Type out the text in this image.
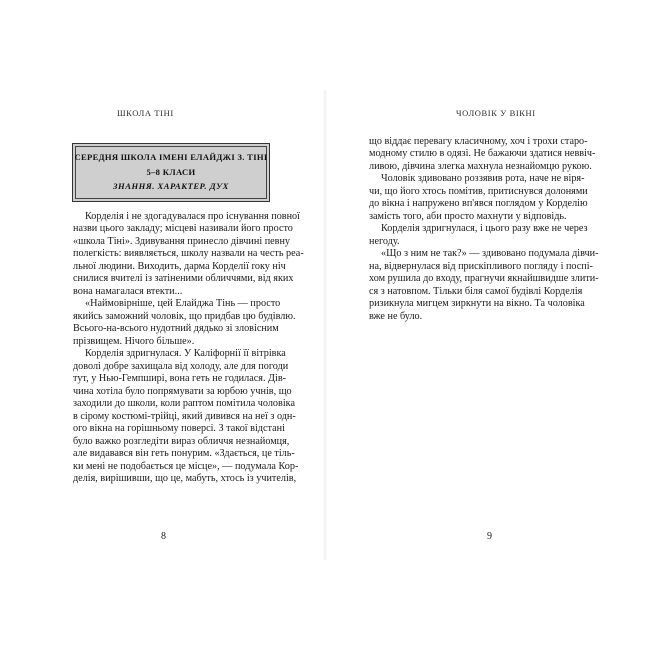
ШКОЛА ТІНІ
СЕРЕДНЯ ШКОЛА ІМЕНІ ЕЛАЙДЖІ З. ТІНІ
5–8 КЛАСИ
ЗНАННЯ. ХАРАКТЕР. ДУХ
Корделія і не здогадувалася про існування повної
назви цього закладу; місцеві називали його просто
«школа Тіні». Здивування принесло дівчині певну
полегкість: виявляється, школу назвали на честь реа-
льної людини. Виходить, дарма Корделії roку ніч
снилися вчителі із затіненими обличчями, від яких
вона намагалася втекти...
«Наймовірніше, цей Елайджа Тінь — просто
якийсь заможний чоловік, що придбав цю будівлю.
Всього-на-всього нудотний дядько зі зловісним
прізвищем. Нічого більше».
Корделія здригнулася. У Каліфорнії її вітрівка
доволі добре захищала від холоду, але для погоди
тут, у Нью-Гемпширі, вона геть не годилася. Дів-
чина хотіла було попрямувати за юрбою учнів, що
заходили до школи, коли раптом помітила чоловіка
в сірому костюмі-трійці, який дивився на неї з одн-
ого вікна на горішньому поверсі. З такої відстані
було важко розгледіти вираз обличчя незнайомця,
але видавався він геть понурим. «Здається, це тіль-
ки мені не подобається це місце», — подумала Кор-
делія, вирішивши, що це, мабуть, хтось із учителів,
8
ЧОЛОВІК У ВІКНІ
що віддає перевагу класичному, хоч і трохи старо-
модному стилю в одязі. Не бажаючи здатися неввіч-
ливою, дівчина злегка махнула незнайомцю рукою.
Чоловік здивовано роззявив рота, наче не віря-
чи, що його хтось помітив, притиснувся долонями
до вікна і напружено вп'явся поглядом у Корделію
замість того, аби просто махнути у відповідь.
Корделія здригнулася, і цього разу вже не через
негоду.
«Що з ним не так?» — здивовано подумала дівчи-
на, відвернулася від прискіпливого погляду і поспі-
хом рушила до входу, прагнучи якнайшвидше злити-
ся з натовпом. Тільки біля самої будівлі Корделія
ризикнула мигцем зиркнути на вікно. Та чоловіка
вже не було.
9
